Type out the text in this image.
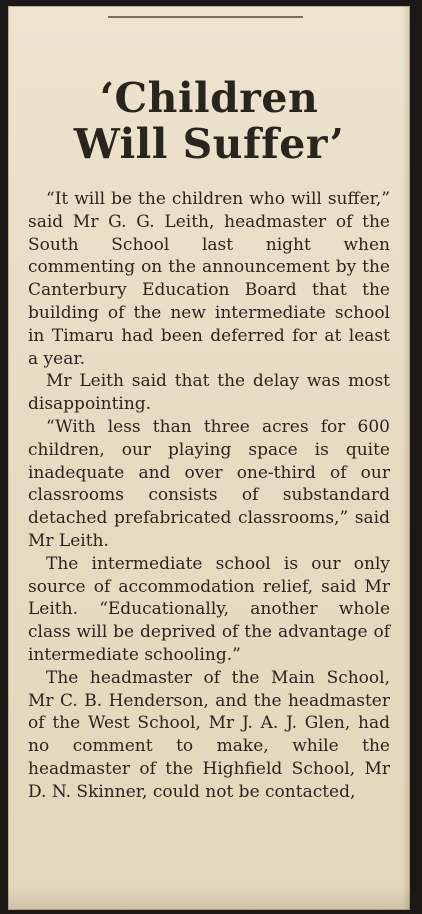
‘Children
Will Suffer’

“It will be the children who will suffer,” said Mr G. G. Leith, headmaster of the South School last night when commenting on the announcement by the Canterbury Education Board that the building of the new intermediate school in Timaru had been deferred for at least a year.

Mr Leith said that the delay was most disappointing.

“With less than three acres for 600 children, our playing space is quite inadequate and over one-third of our classrooms consists of substandard detached prefabricated classrooms,” said Mr Leith.

The intermediate school is our only source of accommodation relief, said Mr Leith. “Educationally, another whole class will be deprived of the advantage of intermediate schooling.”

The headmaster of the Main School, Mr C. B. Henderson, and the headmaster of the West School, Mr J. A. J. Glen, had no comment to make, while the headmaster of the Highfield School, Mr D. N. Skinner, could not be contacted,
